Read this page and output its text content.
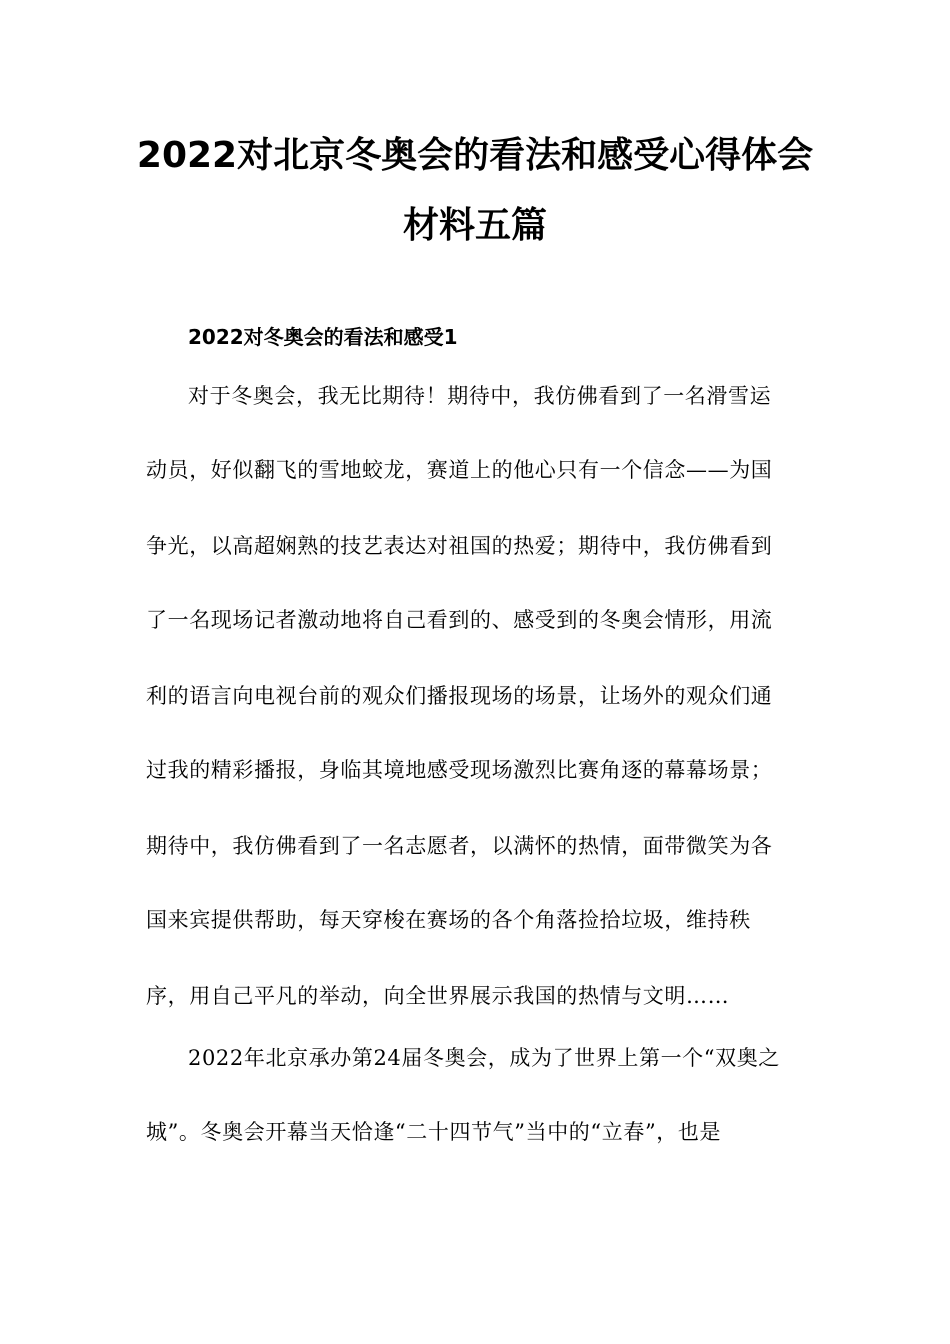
2022对北京冬奥会的看法和感受心得体会
材料五篇
2022对冬奥会的看法和感受1
对于冬奥会，我无比期待！期待中，我仿佛看到了一名滑雪运
动员，好似翻飞的雪地蛟龙，赛道上的他心只有一个信念——为国
争光，以高超娴熟的技艺表达对祖国的热爱；期待中，我仿佛看到
了一名现场记者激动地将自己看到的、感受到的冬奥会情形，用流
利的语言向电视台前的观众们播报现场的场景，让场外的观众们通
过我的精彩播报，身临其境地感受现场激烈比赛角逐的幕幕场景；
期待中，我仿佛看到了一名志愿者，以满怀的热情，面带微笑为各
国来宾提供帮助，每天穿梭在赛场的各个角落捡拾垃圾，维持秩
序，用自己平凡的举动，向全世界展示我国的热情与文明……
2022年北京承办第24届冬奥会，成为了世界上第一个“双奥之
城”。冬奥会开幕当天恰逢“二十四节气”当中的“立春”，也是
